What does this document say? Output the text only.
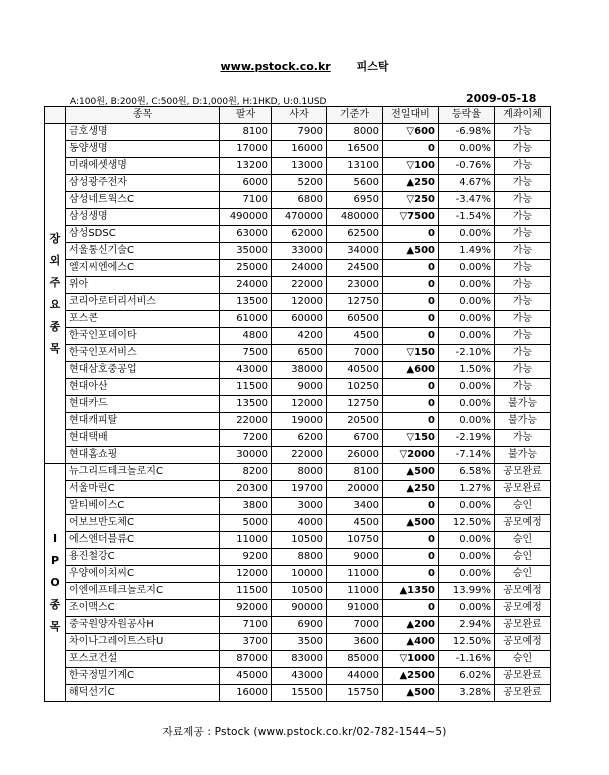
www.pstock.co.kr 피스탁
A:100원, B:200원, C:500원, D:1,000원, H:1HKD, U:0.1USD	2009-05-18
	종목	팔자	사자	기준가	전일대비	등락율	계좌이체
장외주요종목	금호생명	8100	7900	8000	▽600	-6.98%	가능
	동양생명	17000	16000	16500	0	0.00%	가능
	미래에셋생명	13200	13000	13100	▽100	-0.76%	가능
	삼성광주전자	6000	5200	5600	▲250	4.67%	가능
	삼성네트웍스C	7100	6800	6950	▽250	-3.47%	가능
	삼성생명	490000	470000	480000	▽7500	-1.54%	가능
	삼성SDSC	63000	62000	62500	0	0.00%	가능
	서울통신기술C	35000	33000	34000	▲500	1.49%	가능
	엘지씨엔에스C	25000	24000	24500	0	0.00%	가능
	위아	24000	22000	23000	0	0.00%	가능
	코리아로터리서비스	13500	12000	12750	0	0.00%	가능
	포스콘	61000	60000	60500	0	0.00%	가능
	한국인포데이타	4800	4200	4500	0	0.00%	가능
	한국인포서비스	7500	6500	7000	▽150	-2.10%	가능
	현대삼호중공업	43000	38000	40500	▲600	1.50%	가능
	현대아산	11500	9000	10250	0	0.00%	가능
	현대카드	13500	12000	12750	0	0.00%	불가능
	현대캐피탈	22000	19000	20500	0	0.00%	불가능
	현대택배	7200	6200	6700	▽150	-2.19%	가능
	현대홈쇼핑	30000	22000	26000	▽2000	-7.14%	불가능
IPO종목	뉴그리드테크놀로지C	8200	8000	8100	▲500	6.58%	공모완료
	서울마린C	20300	19700	20000	▲250	1.27%	공모완료
	알티베이스C	3800	3000	3400	0	0.00%	승인
	어보브반도체C	5000	4000	4500	▲500	12.50%	공모예정
	에스앤더블류C	11000	10500	10750	0	0.00%	승인
	용진철강C	9200	8800	9000	0	0.00%	승인
	우양에이치씨C	12000	10000	11000	0	0.00%	승인
	이엔에프테크놀로지C	11500	10500	11000	▲1350	13.99%	공모예정
	조이맥스C	92000	90000	91000	0	0.00%	공모예정
	중국원양자원공사H	7100	6900	7000	▲200	2.94%	공모완료
	차이나그레이트스타U	3700	3500	3600	▲400	12.50%	공모예정
	포스코건설	87000	83000	85000	▽1000	-1.16%	승인
	한국정밀기계C	45000	43000	44000	▲2500	6.02%	공모완료
	해덕선기C	16000	15500	15750	▲500	3.28%	공모완료
자료제공 : Pstock (www.pstock.co.kr/02-782-1544~5)
